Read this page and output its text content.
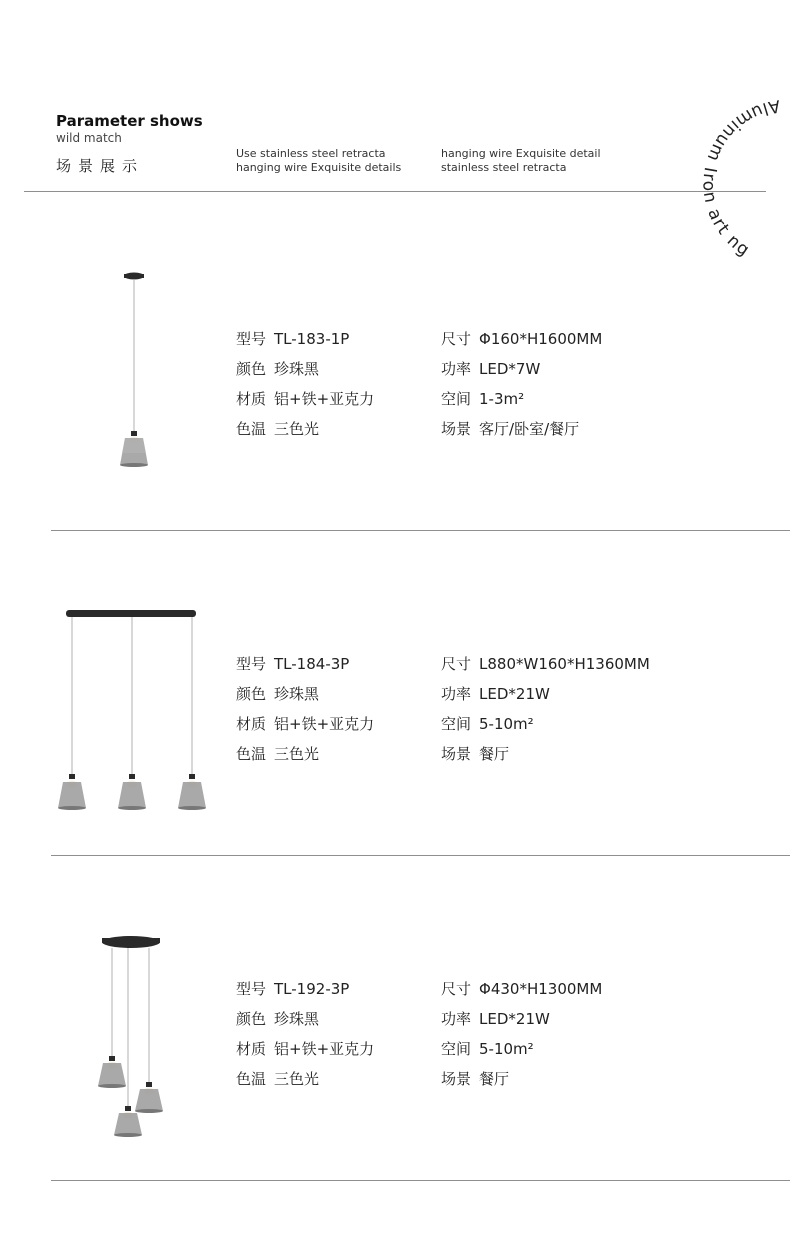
Parameter shows
wild match
场景展示
Use stainless steel retracta
hanging wire Exquisite details
hanging wire Exquisite detail
stainless steel retracta
Aluminum Iron art ng
型号 TL-183-1P
颜色 珍珠黑
材质 铝+铁+亚克力
色温 三色光
尺寸 Φ160*H1600MM
功率 LED*7W
空间 1-3m²
场景 客厅/卧室/餐厅
型号 TL-184-3P
颜色 珍珠黑
材质 铝+铁+亚克力
色温 三色光
尺寸 L880*W160*H1360MM
功率 LED*21W
空间 5-10m²
场景 餐厅
型号 TL-192-3P
颜色 珍珠黑
材质 铝+铁+亚克力
色温 三色光
尺寸 Φ430*H1300MM
功率 LED*21W
空间 5-10m²
场景 餐厅
